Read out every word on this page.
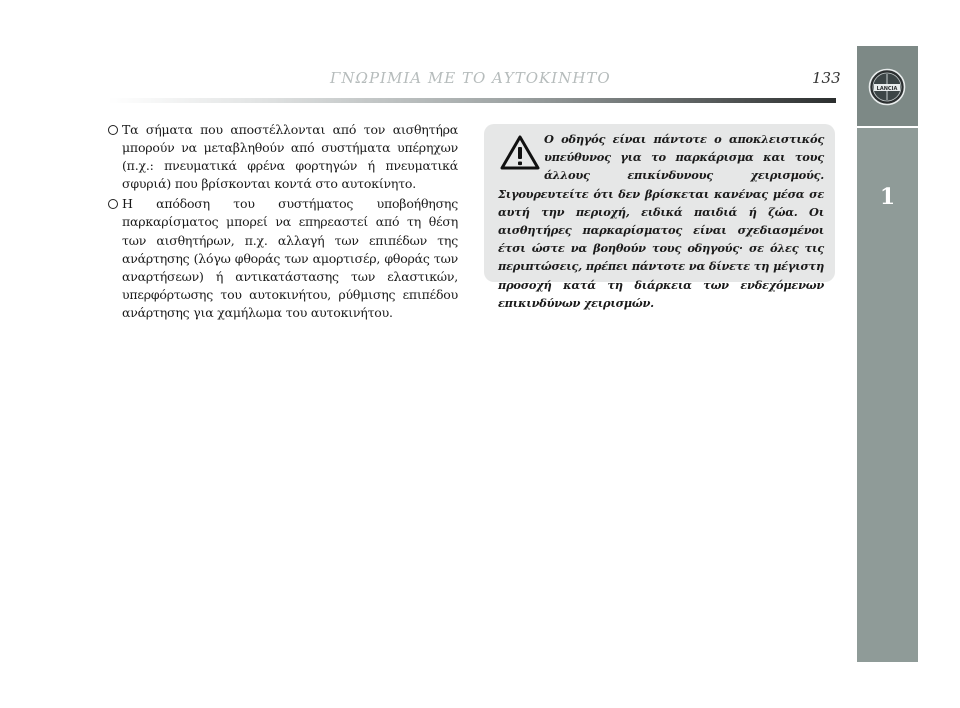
ΓΝΩΡΙΜΙΑ ΜΕ ΤΟ ΑΥΤΟΚΙΝΗΤΟ	133
LANCIA
1
Τα σήματα που αποστέλλονται από τον αισθητήρα μπορούν να μεταβληθούν από συστήματα υπέρηχων (π.χ.: πνευματικά φρένα φορτηγών ή πνευματικά σφυριά) που βρίσκονται κοντά στο αυτοκίνητο.
Η απόδοση του συστήματος υποβοήθησης παρκαρίσματος μπορεί να επηρεαστεί από τη θέση των αισθητήρων, π.χ. αλλαγή των επιπέδων της ανάρτησης (λόγω φθοράς των αμορτισέρ, φθοράς των αναρτήσεων) ή αντικατάστασης των ελαστικών, υπερφόρτωσης του αυτοκινήτου, ρύθμισης επιπέδου ανάρτησης για χαμήλωμα του αυτοκινήτου.
Ο οδηγός είναι πάντοτε ο αποκλειστικός υπεύθυνος για το παρκάρισμα και τους άλλους επικίνδυνους χειρισμούς. Σιγουρευτείτε ότι δεν βρίσκεται κανένας μέσα σε αυτή την περιοχή, ειδικά παιδιά ή ζώα. Οι αισθητήρες παρκαρίσματος είναι σχεδιασμένοι έτσι ώστε να βοηθούν τους οδηγούς· σε όλες τις περιπτώσεις, πρέπει πάντοτε να δίνετε τη μέγιστη προσοχή κατά τη διάρκεια των ενδεχόμενων επικινδύνων χειρισμών.
